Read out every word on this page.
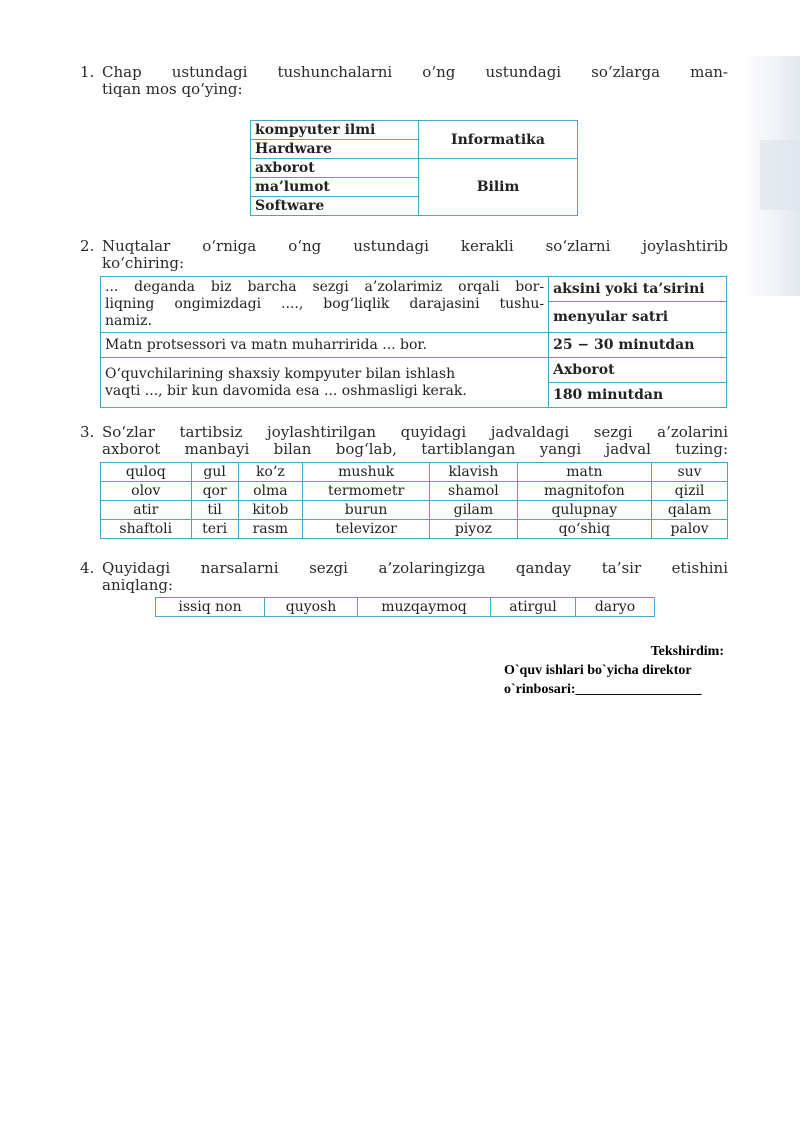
1. Chap ustundagi tushunchalarni o‘ng ustundagi so‘zlarga man-
tiqan mos qo‘ying:
kompyuter ilmi	Informatika
Hardware	
axborot	Bilim
ma’lumot	
Software	
2. Nuqtalar o‘rniga o‘ng ustundagi kerakli so‘zlarni joylashtirib
ko‘chiring:
... deganda biz barcha sezgi a’zolarimiz orqali bor-
liqning ongimizdagi ...., bog‘liqlik darajasini tushu-
namiz.	aksini yoki ta’sirini
	menyular satri
Matn protsessori va matn muharririda ... bor.	25 − 30 minutdan

O‘quvchilarining shaxsiy kompyuter bilan ishlash
vaqti ..., bir kun davomida esa ... oshmasligi kerak.	Axborot
	180 minutdan
3. So‘zlar tartibsiz joylashtirilgan quyidagi jadvaldagi sezgi a’zolarini
axborot manbayi bilan bog‘lab, tartiblangan yangi jadval tuzing:
quloq	gul	ko‘z	mushuk	klavish	matn	suv
olov	qor	olma	termometr	shamol	magnitofon	qizil
atir	til	kitob	burun	gilam	qulupnay	qalam
shaftoli	teri	rasm	televizor	piyoz	qo‘shiq	palov
4. Quyidagi narsalarni sezgi a’zolaringizga qanday ta’sir etishini
aniqlang:
issiq non	quyosh	muzqaymoq	atirgul	daryo
Tekshirdim:
O`quv ishlari bo`yicha direktor
o`rinbosari:__________________
